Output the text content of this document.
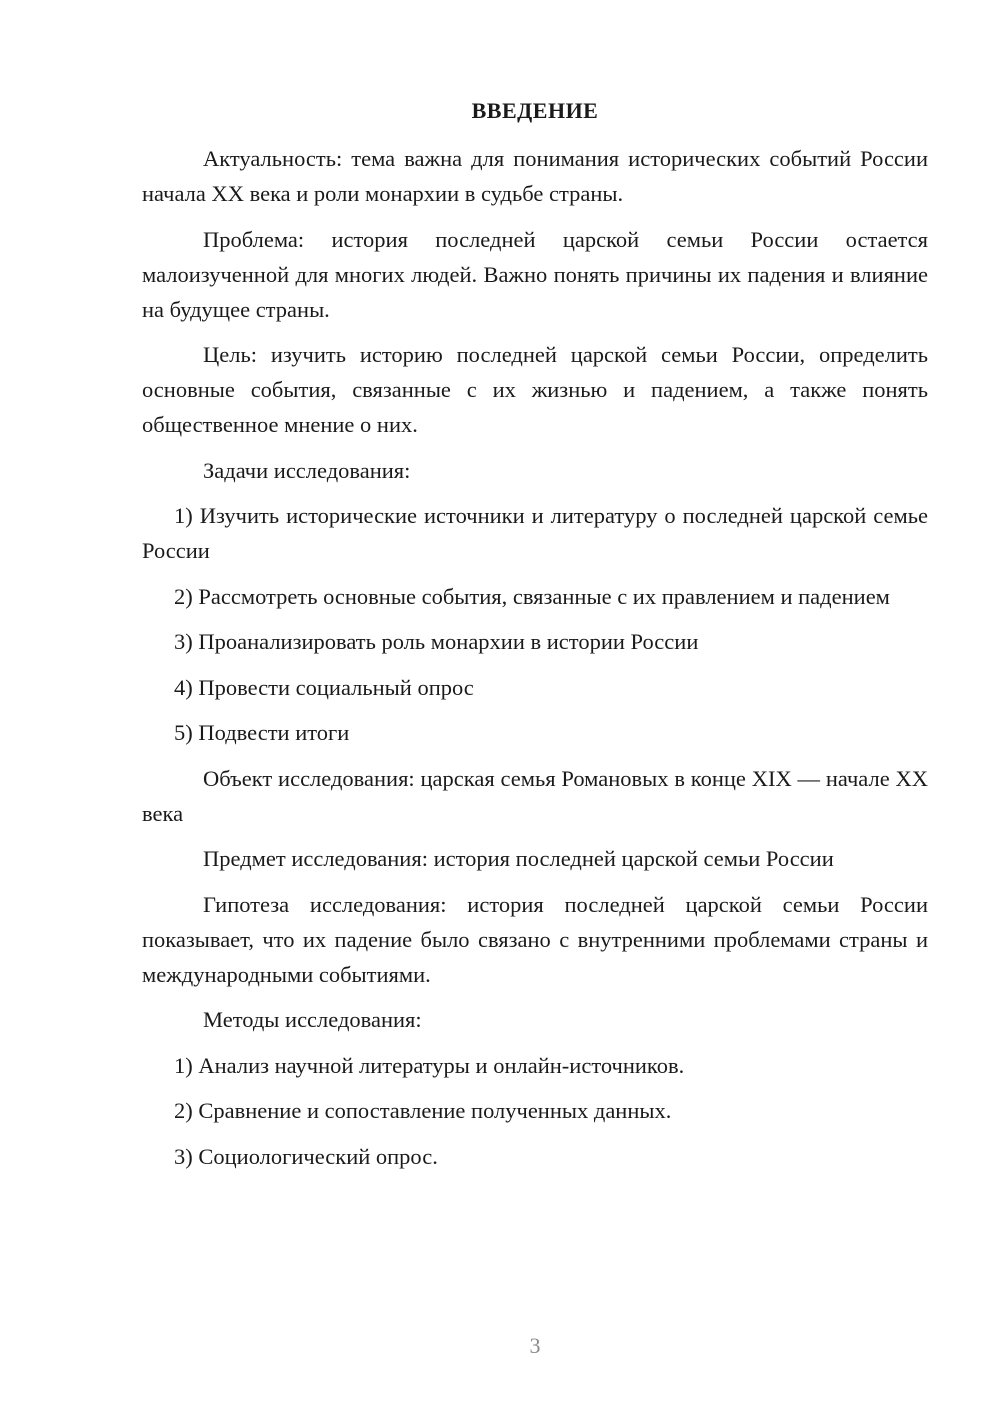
ВВЕДЕНИЕ

Актуальность: тема важна для понимания исторических событий России начала XX века и роли монархии в судьбе страны.

Проблема: история последней царской семьи России остается малоизученной для многих людей. Важно понять причины их падения и влияние на будущее страны.

Цель: изучить историю последней царской семьи России, определить основные события, связанные с их жизнью и падением, а также понять общественное мнение о них.

Задачи исследования:

1) Изучить исторические источники и литературу о последней царской семье России

2) Рассмотреть основные события, связанные с их правлением и падением

3) Проанализировать роль монархии в истории России

4) Провести социальный опрос

5) Подвести итоги

Объект исследования: царская семья Романовых в конце XIX — начале XX века

Предмет исследования: история последней царской семьи России

Гипотеза исследования: история последней царской семьи России показывает, что их падение было связано с внутренними проблемами страны и международными событиями.

Методы исследования:

1) Анализ научной литературы и онлайн-источников.

2) Сравнение и сопоставление полученных данных.

3) Социологический опрос.

3
